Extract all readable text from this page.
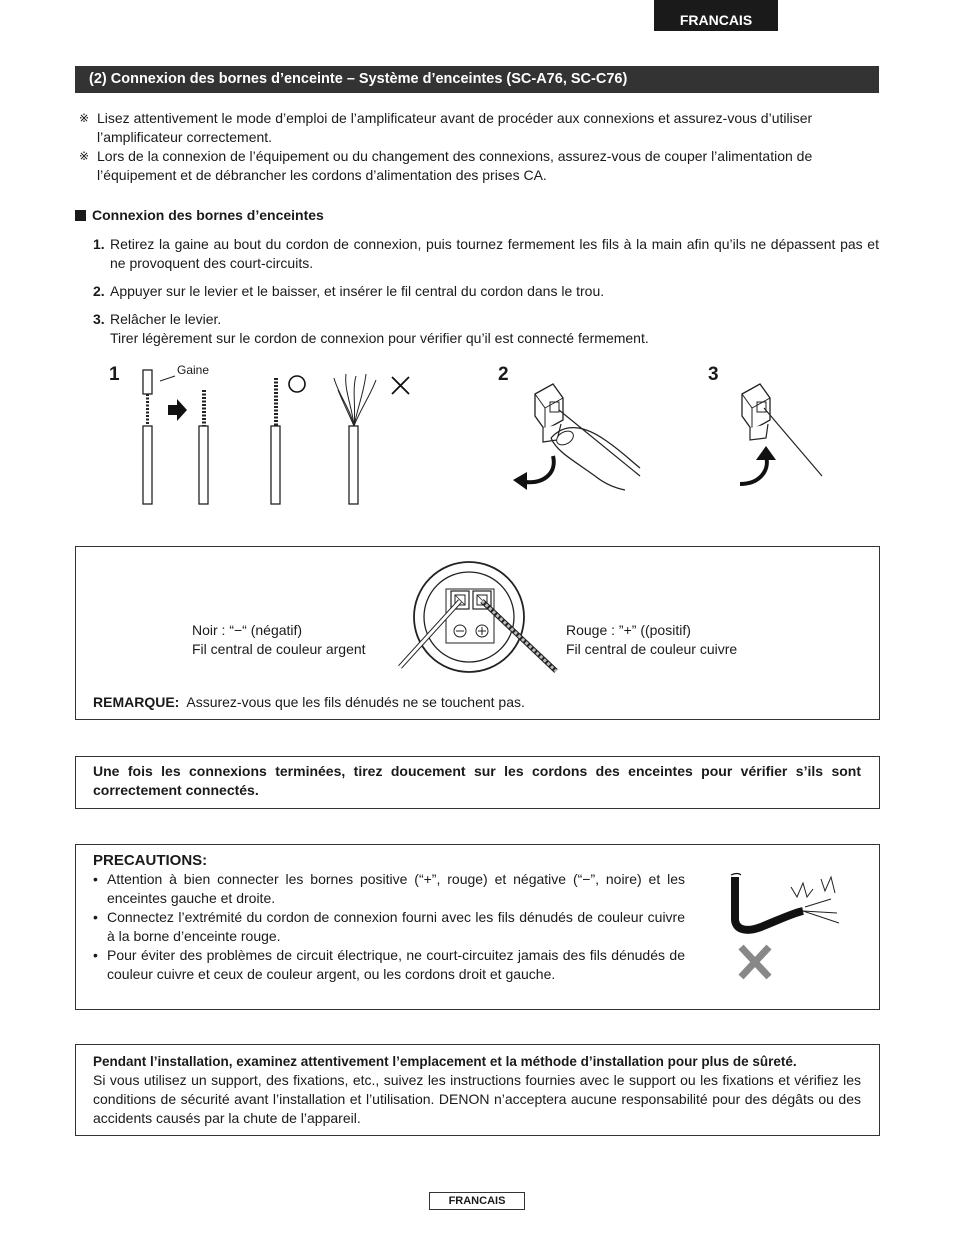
FRANCAIS
(2) Connexion des bornes d’enceinte – Système d’enceintes (SC-A76, SC-C76)
※ Lisez attentivement le mode d’emploi de l’amplificateur avant de procéder aux connexions et assurez-vous d’utiliser l’amplificateur correctement.
※ Lors de la connexion de l’équipement ou du changement des connexions, assurez-vous de couper l’alimentation de l’équipement et de débrancher les cordons d’alimentation des prises CA.
Connexion des bornes d’enceintes
1. Retirez la gaine au bout du cordon de connexion, puis tournez fermement les fils à la main afin qu’ils ne dépassent pas et ne provoquent des court-circuits.
2. Appuyer sur le levier et le baisser, et insérer le fil central du cordon dans le trou.
3. Relâcher le levier.
Tirer légèrement sur le cordon de connexion pour vérifier qu’il est connecté fermement.
1	2	3
Gaine
Noir : “−“ (négatif)
Fil central de couleur argent
Rouge : ”+” ((positif)
Fil central de couleur cuivre
REMARQUE: Assurez-vous que les fils dénudés ne se touchent pas.
Une fois les connexions terminées, tirez doucement sur les cordons des enceintes pour vérifier s’ils sont correctement connectés.
PRECAUTIONS:
• Attention à bien connecter les bornes positive (“+”, rouge) et négative (“−”, noire) et les enceintes gauche et droite.
• Connectez l’extrémité du cordon de connexion fourni avec les fils dénudés de couleur cuivre à la borne d’enceinte rouge.
• Pour éviter des problèmes de circuit électrique, ne court-circuitez jamais des fils dénudés de couleur cuivre et ceux de couleur argent, ou les cordons droit et gauche.
Pendant l’installation, examinez attentivement l’emplacement et la méthode d’installation pour plus de sûreté.
Si vous utilisez un support, des fixations, etc., suivez les instructions fournies avec le support ou les fixations et vérifiez les conditions de sécurité avant l’installation et l’utilisation. DENON n’acceptera aucune responsabilité pour des dégâts ou des accidents causés par la chute de l’appareil.
FRANCAIS
